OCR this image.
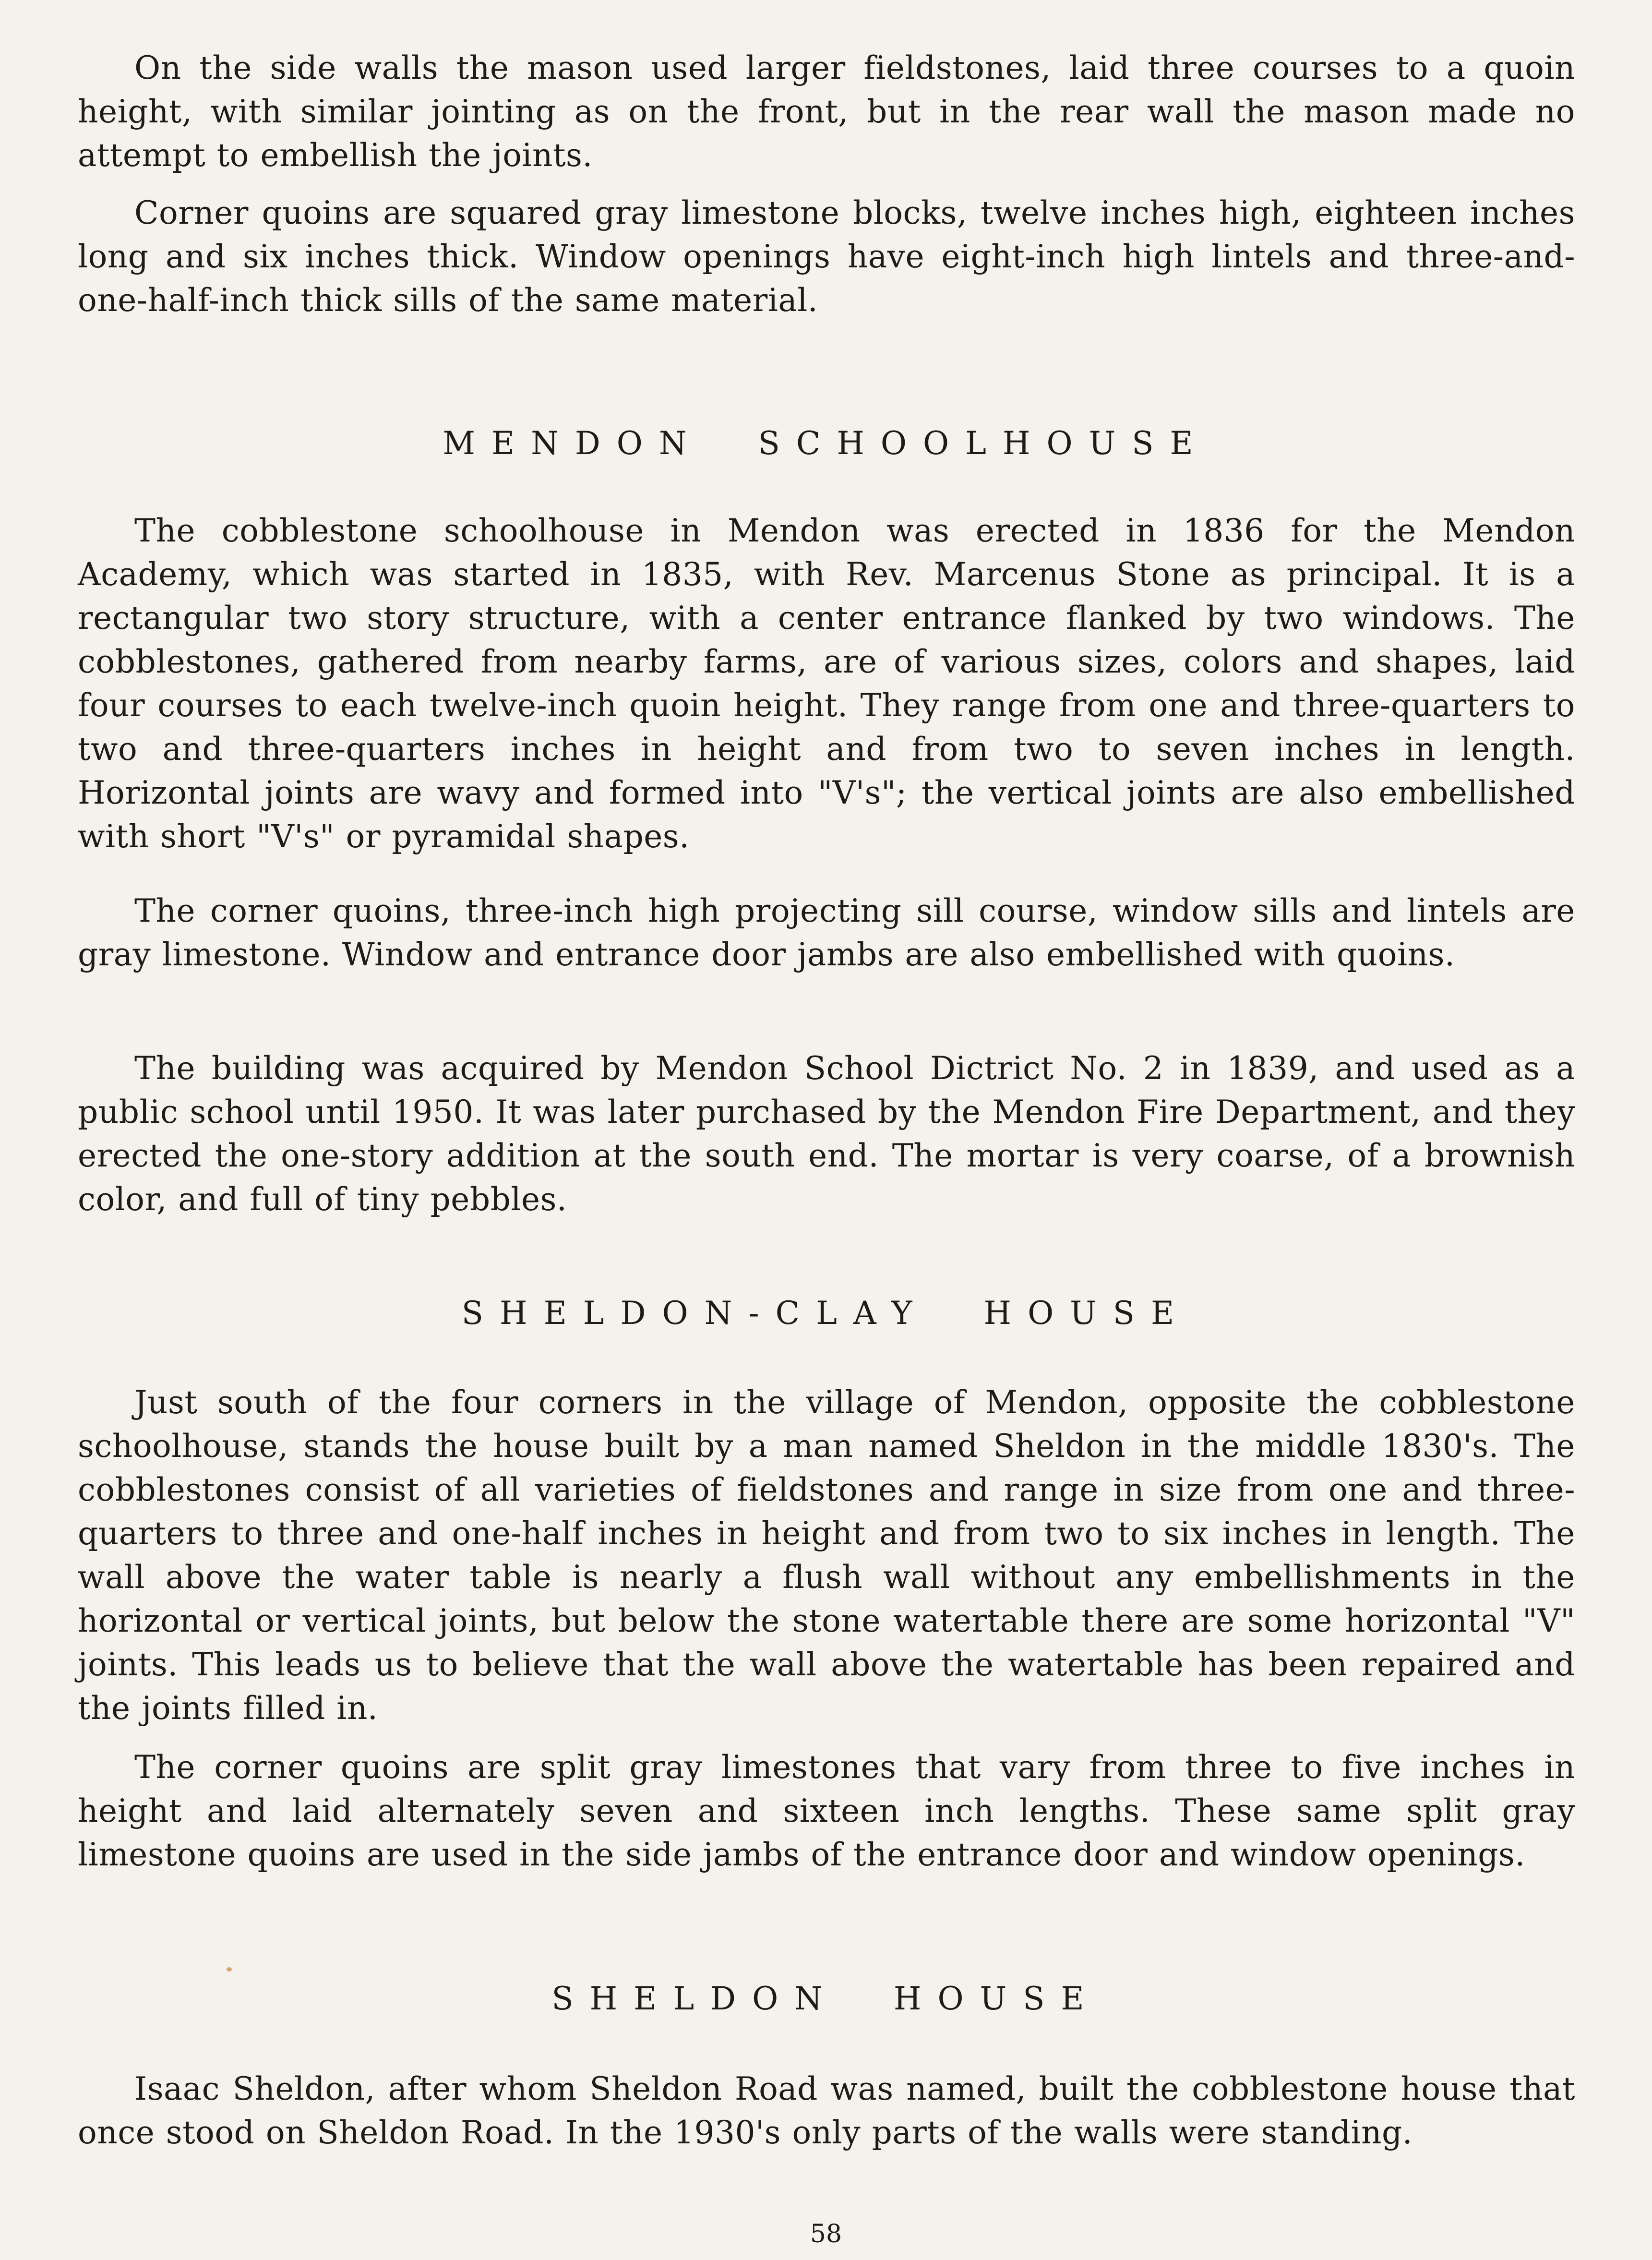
On the side walls the mason used larger fieldstones, laid three courses to a quoin height, with similar jointing as on the front, but in the rear wall the mason made no attempt to embellish the joints.

Corner quoins are squared gray limestone blocks, twelve inches high, eighteen inches long and six inches thick. Window openings have eight-inch high lintels and three-and-one-half-inch thick sills of the same material.

MENDON SCHOOLHOUSE

The cobblestone schoolhouse in Mendon was erected in 1836 for the Mendon Academy, which was started in 1835, with Rev. Marcenus Stone as principal. It is a rectangular two story structure, with a center entrance flanked by two windows. The cobblestones, gathered from nearby farms, are of various sizes, colors and shapes, laid four courses to each twelve-inch quoin height. They range from one and three-quarters to two and three-quarters inches in height and from two to seven inches in length. Horizontal joints are wavy and formed into "V's"; the vertical joints are also embellished with short "V's" or pyramidal shapes.

The corner quoins, three-inch high projecting sill course, window sills and lintels are gray limestone. Window and entrance door jambs are also embellished with quoins.

The building was acquired by Mendon School Dictrict No. 2 in 1839, and used as a public school until 1950. It was later purchased by the Mendon Fire Department, and they erected the one-story addition at the south end. The mortar is very coarse, of a brownish color, and full of tiny pebbles.

SHELDON-CLAY HOUSE

Just south of the four corners in the village of Mendon, opposite the cobblestone schoolhouse, stands the house built by a man named Sheldon in the middle 1830's. The cobblestones consist of all varieties of fieldstones and range in size from one and three-quarters to three and one-half inches in height and from two to six inches in length. The wall above the water table is nearly a flush wall without any embellishments in the horizontal or vertical joints, but below the stone watertable there are some horizontal "V" joints. This leads us to believe that the wall above the watertable has been repaired and the joints filled in.

The corner quoins are split gray limestones that vary from three to five inches in height and laid alternately seven and sixteen inch lengths. These same split gray limestone quoins are used in the side jambs of the entrance door and window openings.

SHELDON HOUSE

Isaac Sheldon, after whom Sheldon Road was named, built the cobblestone house that once stood on Sheldon Road. In the 1930's only parts of the walls were standing.

58
